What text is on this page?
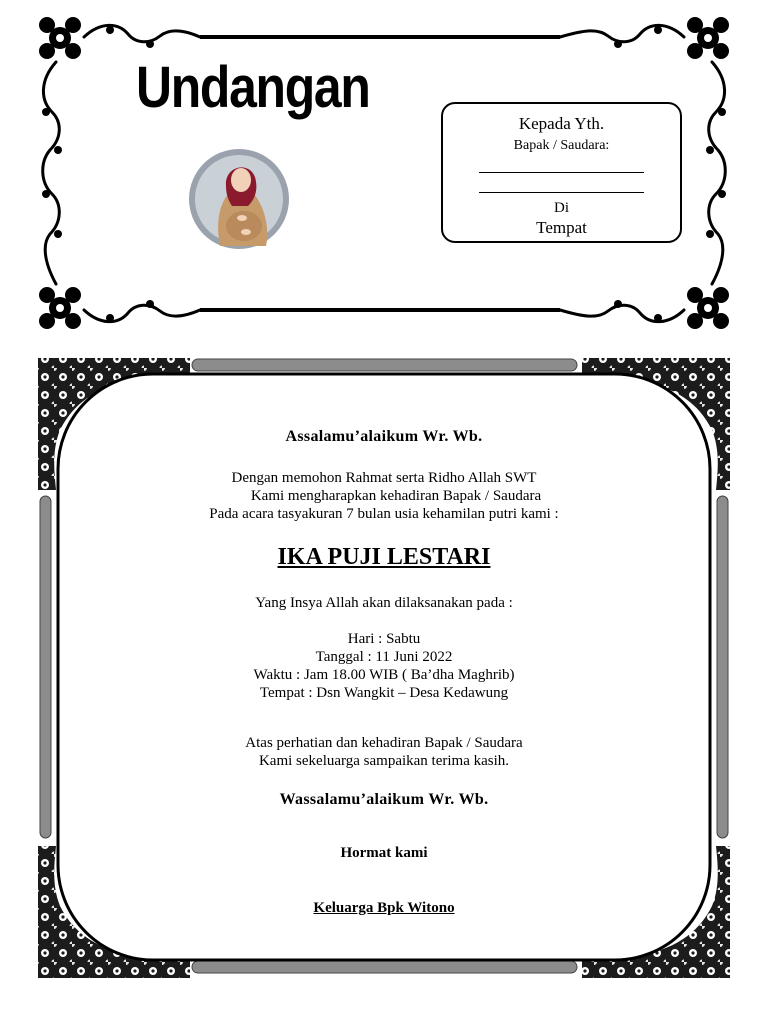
Undangan
Kepada Yth.
Bapak / Saudara:
Di
Tempat
Assalamu’alaikum Wr. Wb.
Dengan memohon Rahmat serta Ridho Allah SWT
Kami mengharapkan kehadiran Bapak / Saudara
Pada acara tasyakuran 7 bulan usia kehamilan putri kami :
IKA PUJI LESTARI
Yang Insya Allah akan dilaksanakan pada :
Hari : Sabtu
Tanggal : 11 Juni 2022
Waktu : Jam 18.00 WIB ( Ba’dha Maghrib)
Tempat : Dsn Wangkit – Desa Kedawung
Atas perhatian dan kehadiran Bapak / Saudara
Kami sekeluarga sampaikan terima kasih.
Wassalamu’alaikum Wr. Wb.
Hormat kami
Keluarga Bpk Witono
